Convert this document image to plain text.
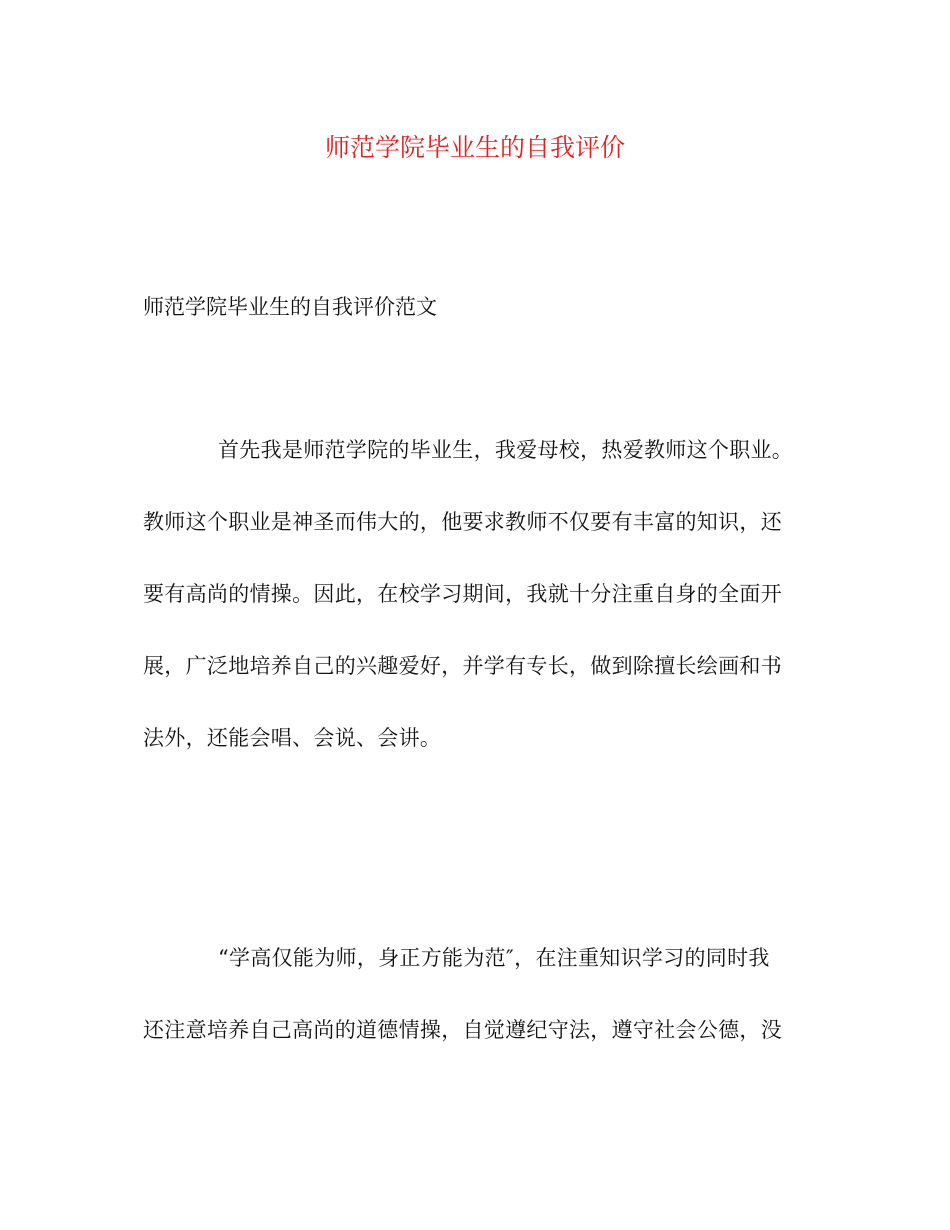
师范学院毕业生的自我评价

师范学院毕业生的自我评价范文

首先我是师范学院的毕业生，我爱母校，热爱教师这个职业。
教师这个职业是神圣而伟大的，他要求教师不仅要有丰富的知识，还
要有高尚的情操。因此，在校学习期间，我就十分注重自身的全面开
展，广泛地培养自己的兴趣爱好，并学有专长，做到除擅长绘画和书
法外，还能会唱、会说、会讲。

“学高仅能为师，身正方能为范″，在注重知识学习的同时我
还注意培养自己高尚的道德情操，自觉遵纪守法，遵守社会公德，没
